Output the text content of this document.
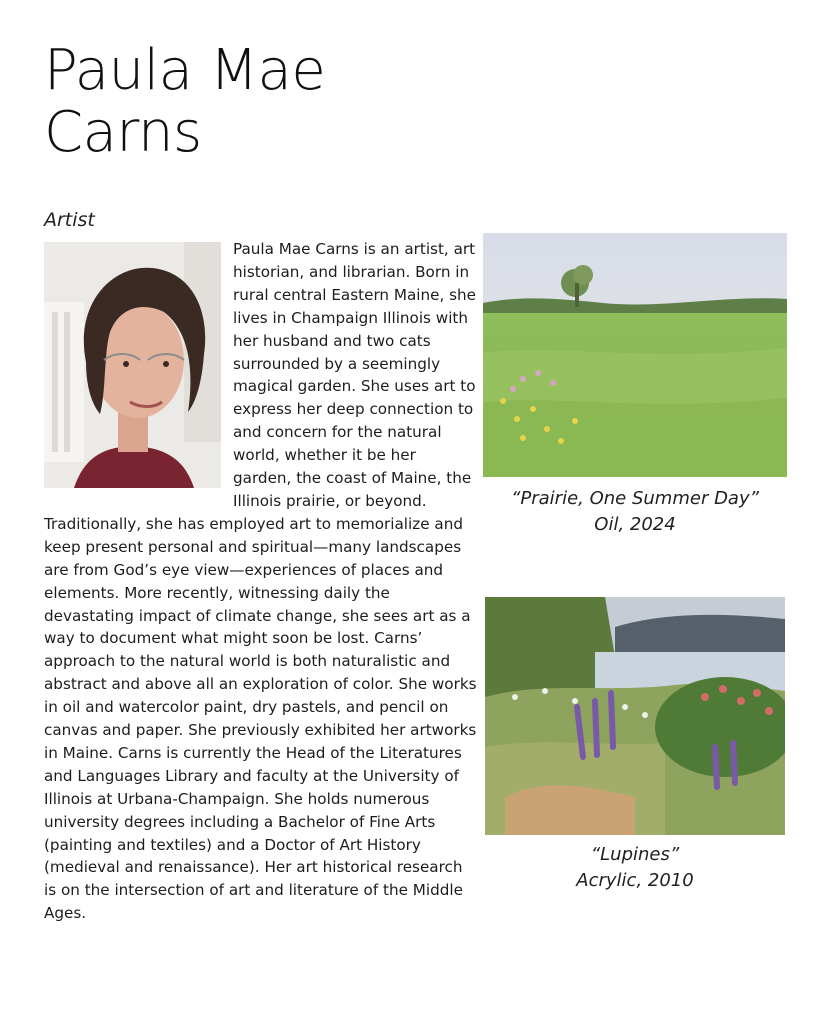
Paula Mae
Carns
Artist

Paula Mae Carns is an artist, art historian, and librarian. Born in rural central Eastern Maine, she lives in Champaign Illinois with her husband and two cats surrounded by a seemingly magical garden. She uses art to express her deep connection to and concern for the natural world, whether it be her garden, the coast of Maine, the Illinois prairie, or beyond. Traditionally, she has employed art to memorialize and keep present personal and spiritual—many landscapes are from God’s eye view—experiences of places and elements. More recently, witnessing daily the devastating impact of climate change, she sees art as a way to document what might soon be lost. Carns’ approach to the natural world is both naturalistic and abstract and above all an exploration of color. She works in oil and watercolor paint, dry pastels, and pencil on canvas and paper. She previously exhibited her artworks in Maine. Carns is currently the Head of the Literatures and Languages Library and faculty at the University of Illinois at Urbana-Champaign. She holds numerous university degrees including a Bachelor of Fine Arts (painting and textiles) and a Doctor of Art History (medieval and renaissance). Her art historical research is on the intersection of art and literature of the Middle Ages.

“Prairie, One Summer Day”
Oil, 2024
“Lupines”
Acrylic, 2010
